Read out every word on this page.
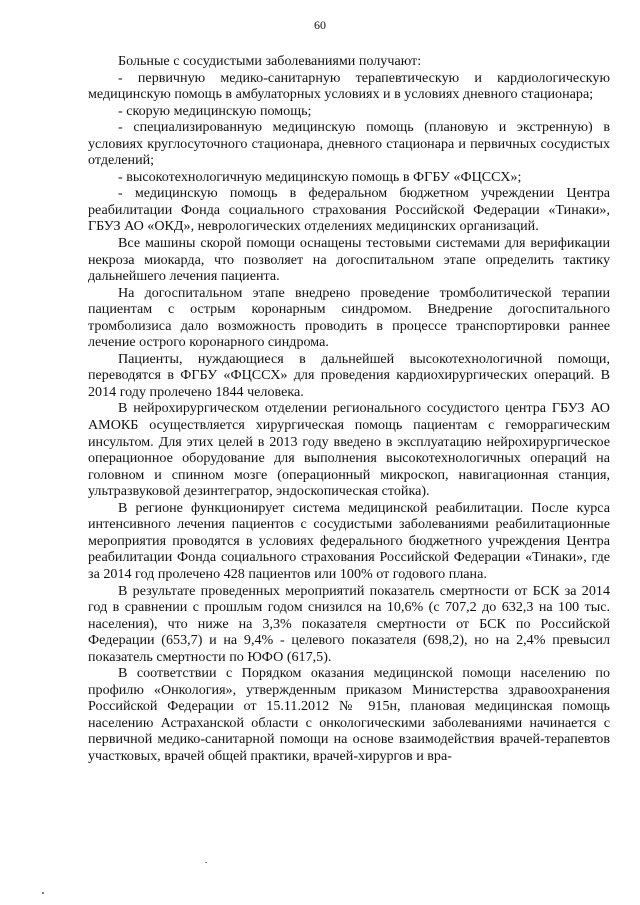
60

Больные с сосудистыми заболеваниями получают:

- первичную медико-санитарную терапевтическую и кардиологическую медицинскую помощь в амбулаторных условиях и в условиях дневного стационара;

- скорую медицинскую помощь;

- специализированную медицинскую помощь (плановую и экстренную) в условиях круглосуточного стационара, дневного стационара и первичных сосудистых отделений;

- высокотехнологичную медицинскую помощь в ФГБУ «ФЦССХ»;

- медицинскую помощь в федеральном бюджетном учреждении Центра реабилитации Фонда социального страхования Российской Федерации «Тинаки», ГБУЗ АО «ОКД», неврологических отделениях медицинских организаций.

Все машины скорой помощи оснащены тестовыми системами для верификации некроза миокарда, что позволяет на догоспитальном этапе определить тактику дальнейшего лечения пациента.

На догоспитальном этапе внедрено проведение тромболитической терапии пациентам с острым коронарным синдромом. Внедрение догоспитального тромболизиса дало возможность проводить в процессе транспортировки раннее лечение острого коронарного синдрома.

Пациенты, нуждающиеся в дальнейшей высокотехнологичной помощи, переводятся в ФГБУ «ФЦССХ» для проведения кардиохирургических операций. В 2014 году пролечено 1844 человека.

В нейрохирургическом отделении регионального сосудистого центра ГБУЗ АО АМОКБ осуществляется хирургическая помощь пациентам с геморрагическим инсультом. Для этих целей в 2013 году введено в эксплуатацию нейрохирургическое операционное оборудование для выполнения высокотехнологичных операций на головном и спинном мозге (операционный микроскоп, навигационная станция, ультразвуковой дезинтегратор, эндоскопическая стойка).

В регионе функционирует система медицинской реабилитации. После курса интенсивного лечения пациентов с сосудистыми заболеваниями реабилитационные мероприятия проводятся в условиях федерального бюджетного учреждения Центра реабилитации Фонда социального страхования Российской Федерации «Тинаки», где за 2014 год пролечено 428 пациентов или 100% от годового плана.

В результате проведенных мероприятий показатель смертности от БСК за 2014 год в сравнении с прошлым годом снизился на 10,6% (с 707,2 до 632,3 на 100 тыс. населения), что ниже на 3,3% показателя смертности от БСК по Российской Федерации (653,7) и на 9,4% - целевого показателя (698,2), но на 2,4% превысил показатель смертности по ЮФО (617,5).

В соответствии с Порядком оказания медицинской помощи населению по профилю «Онкология», утвержденным приказом Министерства здравоохранения Российской Федерации от 15.11.2012 № 915н, плановая медицинская помощь населению Астраханской области с онкологическими заболеваниями начинается с первичной медико-санитарной помощи на основе взаимодействия врачей-терапевтов участковых, врачей общей практики, врачей-хирургов и вра-
